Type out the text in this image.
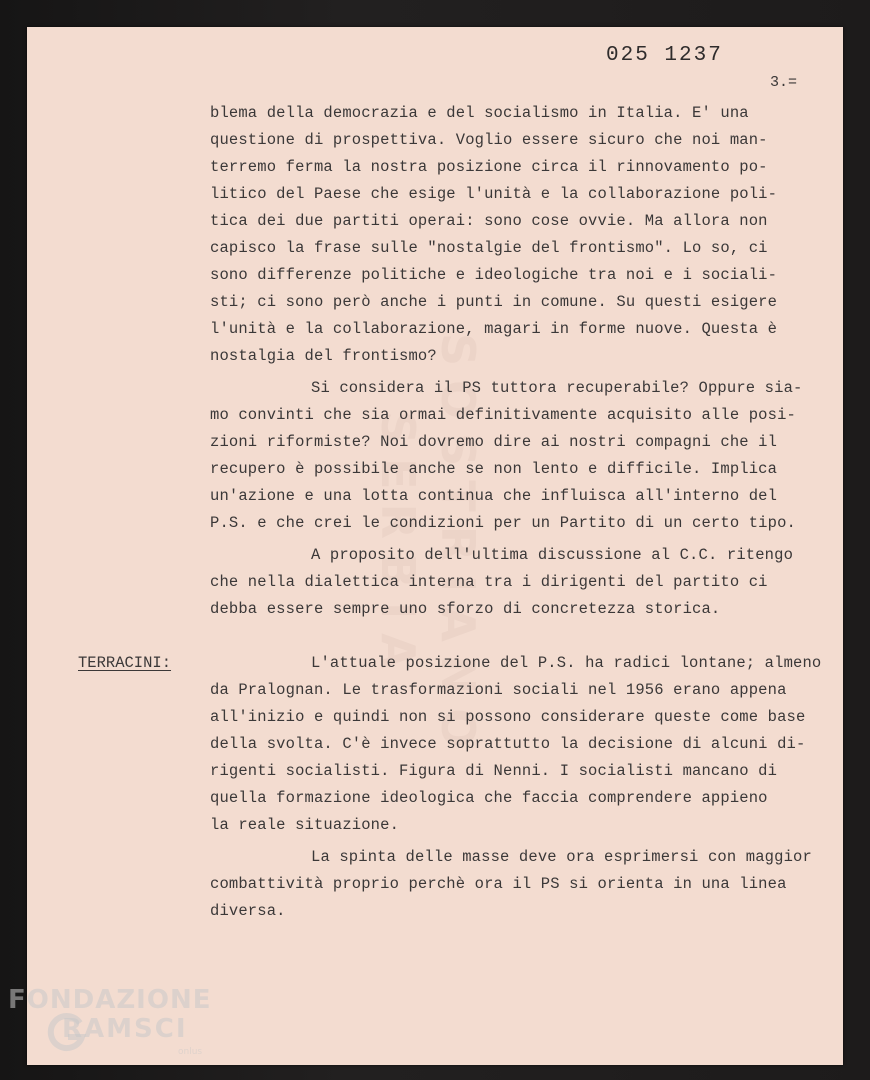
SERBIA SOSTRIANO
025 1237
3.=
blema della democrazia e del socialismo in Italia. E' una
questione di prospettiva. Voglio essere sicuro che noi man-
terremo ferma la nostra posizione circa il rinnovamento po-
litico del Paese che esige l'unità e la collaborazione poli-
tica dei due partiti operai: sono cose ovvie. Ma allora non
capisco la frase sulle "nostalgie del frontismo". Lo so, ci
sono differenze politiche e ideologiche tra noi e i sociali-
sti; ci sono però anche i punti in comune. Su questi esigere
l'unità e la collaborazione, magari in forme nuove. Questa è
nostalgia del frontismo?
Si considera il PS tuttora recuperabile? Oppure sia-
mo convinti che sia ormai definitivamente acquisito alle posi-
zioni riformiste? Noi dovremo dire ai nostri compagni che il
recupero è possibile anche se non lento e difficile. Implica
un'azione e una lotta continua che influisca all'interno del
P.S. e che crei le condizioni per un Partito di un certo tipo.
A proposito dell'ultima discussione al C.C. ritengo
che nella dialettica interna tra i dirigenti del partito ci
debba essere sempre uno sforzo di concretezza storica.
TERRACINI:	L'attuale posizione del P.S. ha radici lontane; almeno
da Pralognan. Le trasformazioni sociali nel 1956 erano appena
all'inizio e quindi non si possono considerare queste come base
della svolta. C'è invece soprattutto la decisione di alcuni di-
rigenti socialisti. Figura di Nenni. I socialisti mancano di
quella formazione ideologica che faccia comprendere appieno
la reale situazione.
La spinta delle masse deve ora esprimersi con maggior
combattività proprio perchè ora il PS si orienta in una linea
diversa.
FONDAZIONE
RAMSCI
onlus
